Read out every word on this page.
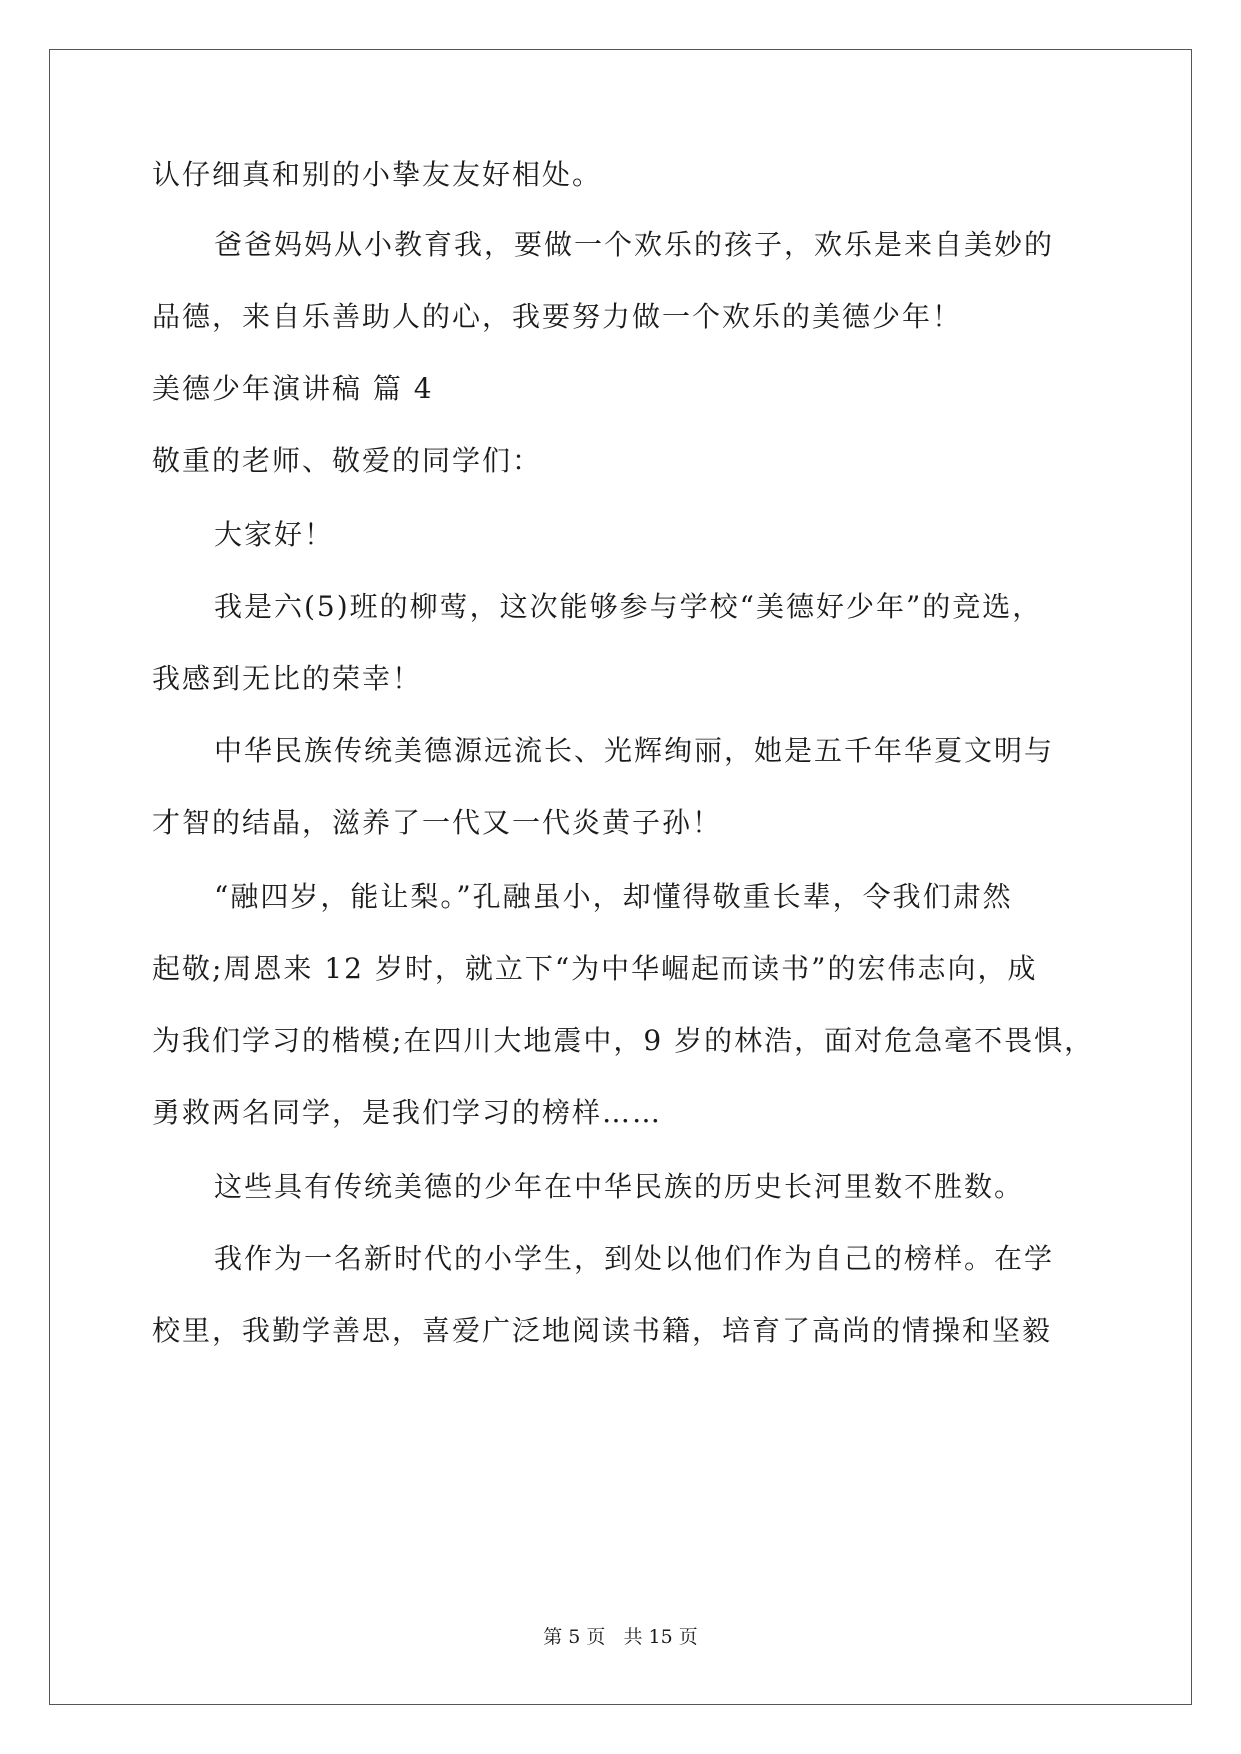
认仔细真和别的小挚友友好相处。
爸爸妈妈从小教育我，要做一个欢乐的孩子，欢乐是来自美妙的
品德，来自乐善助人的心，我要努力做一个欢乐的美德少年！
美德少年演讲稿 篇 4
敬重的老师、敬爱的同学们：
大家好！
我是六(5)班的柳莺，这次能够参与学校“美德好少年”的竞选，
我感到无比的荣幸！
中华民族传统美德源远流长、光辉绚丽，她是五千年华夏文明与
才智的结晶，滋养了一代又一代炎黄子孙！
“融四岁，能让梨。”孔融虽小，却懂得敬重长辈，令我们肃然
起敬;周恩来 12 岁时，就立下“为中华崛起而读书”的宏伟志向，成
为我们学习的楷模;在四川大地震中，9 岁的林浩，面对危急毫不畏惧，
勇救两名同学，是我们学习的榜样……
这些具有传统美德的少年在中华民族的历史长河里数不胜数。
我作为一名新时代的小学生，到处以他们作为自己的榜样。在学
校里，我勤学善思，喜爱广泛地阅读书籍，培育了高尚的情操和坚毅
第 5 页 共 15 页
